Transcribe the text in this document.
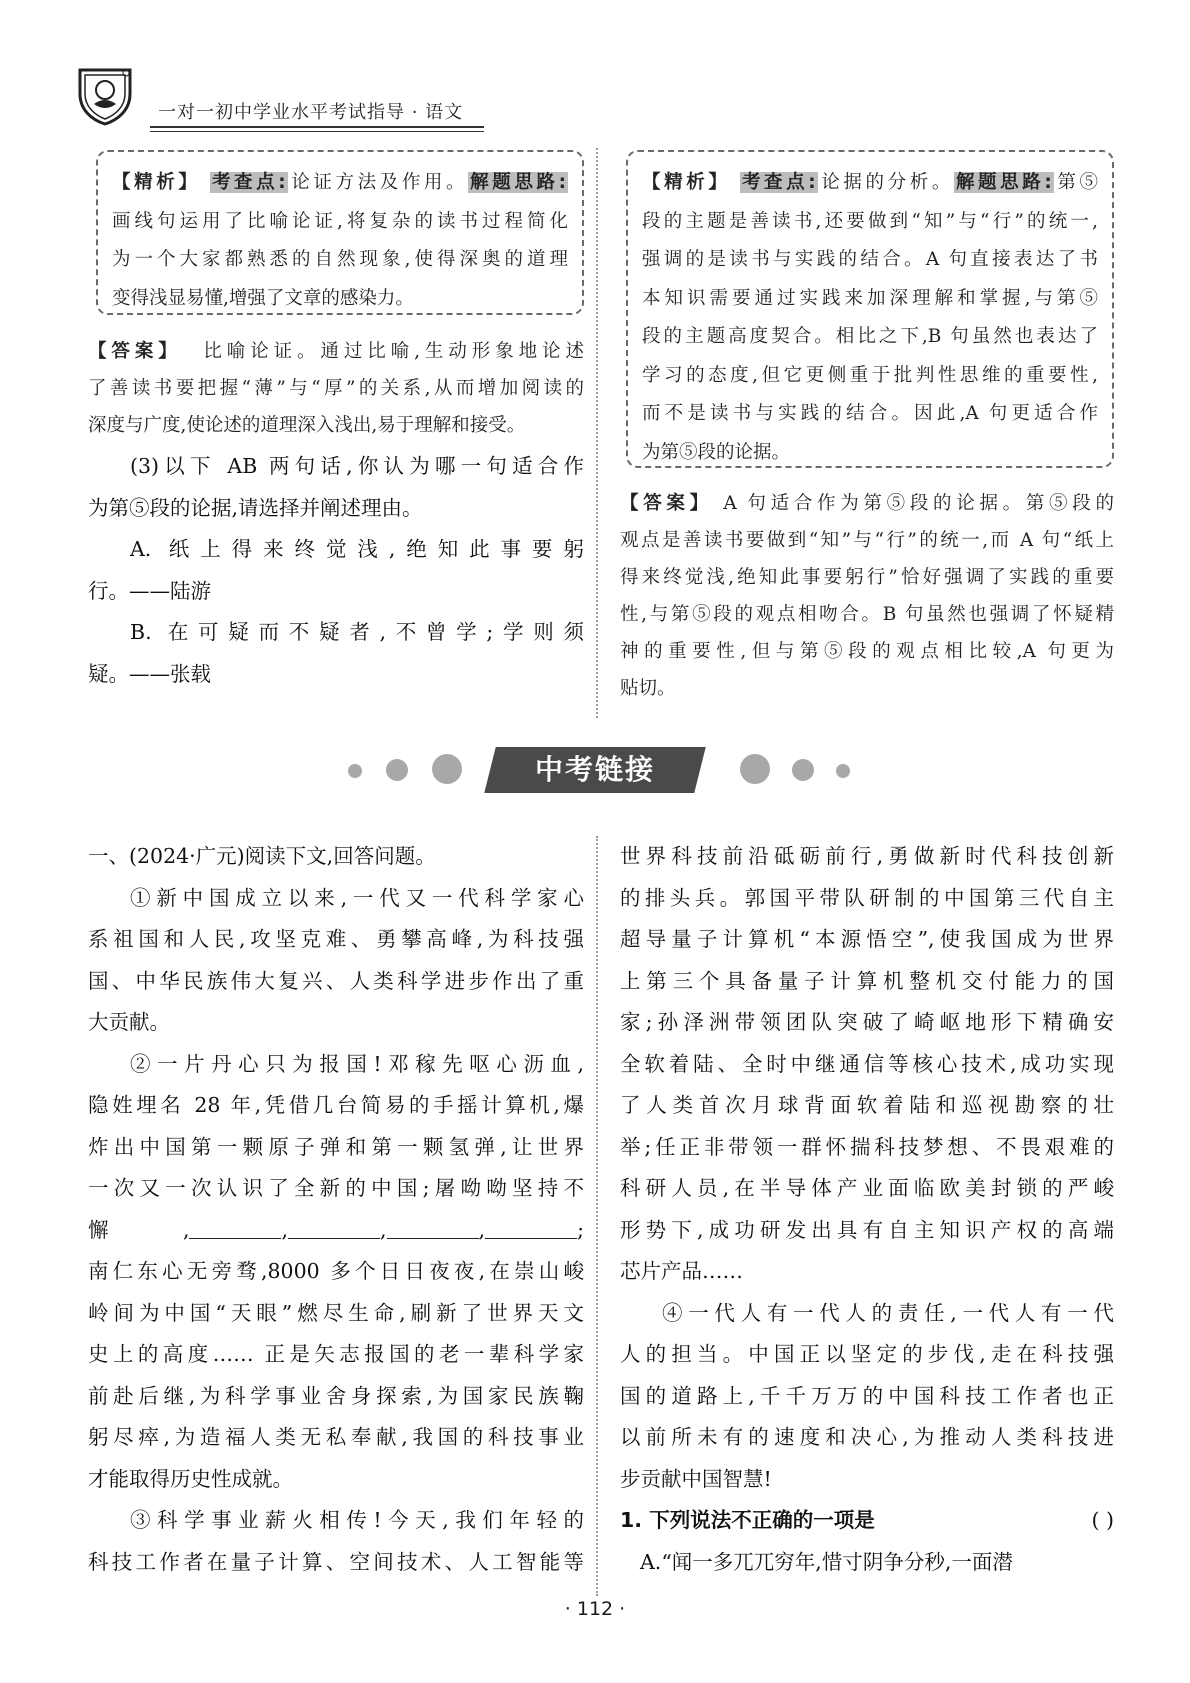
一对一初中学业水平考试指导 · 语文

【精析】 考查点: 论证方法及作用。 解题思路:

画线句运用了比喻论证,将复杂的读书过程简化

为一个大家都熟悉的自然现象,使得深奥的道理

变得浅显易懂,增强了文章的感染力。

【答案】 比喻论证。通过比喻,生动形象地论述

了善读书要把握“薄”与“厚”的关系,从而增加阅读的

深度与广度,使论述的道理深入浅出,易于理解和接受。

(3)以下 AB 两句话,你认为哪一句适合作

为第⑤段的论据,请选择并阐述理由。

A. 纸上得来终觉浅,绝知此事要躬

行。——陆游

B. 在可疑而不疑者,不曾学;学则须

疑。——张载

【精析】 考查点: 论据的分析。 解题思路: 第⑤

段的主题是善读书,还要做到“知”与“行”的统一,

强调的是读书与实践的结合。A 句直接表达了书

本知识需要通过实践来加深理解和掌握,与第⑤

段的主题高度契合。相比之下,B 句虽然也表达了

学习的态度,但它更侧重于批判性思维的重要性,

而不是读书与实践的结合。因此,A 句更适合作

为第⑤段的论据。

【答案】 A 句适合作为第⑤段的论据。第⑤段的

观点是善读书要做到“知”与“行”的统一,而 A 句“纸上

得来终觉浅,绝知此事要躬行”恰好强调了实践的重要

性,与第⑤段的观点相吻合。B 句虽然也强调了怀疑精

神的重要性,但与第⑤段的观点相比较,A 句更为

贴切。

中考链接

一、(2024·广元)阅读下文,回答问题。

①新中国成立以来,一代又一代科学家心

系祖国和人民,攻坚克难、勇攀高峰,为科技强

国、中华民族伟大复兴、人类科学进步作出了重

大贡献。

②一片丹心只为报国!邓稼先呕心沥血,

隐姓埋名 28 年,凭借几台简易的手摇计算机,爆

炸出中国第一颗原子弹和第一颗氢弹,让世界

一次又一次认识了全新的中国;屠呦呦坚持不

懈,	,	,	,	;

南仁东心无旁骛,8000 多个日日夜夜,在崇山峻

岭间为中国“天眼”燃尽生命,刷新了世界天文

史上的高度…… 正是矢志报国的老一辈科学家

前赴后继,为科学事业舍身探索,为国家民族鞠

躬尽瘁,为造福人类无私奉献,我国的科技事业

才能取得历史性成就。

③科学事业薪火相传!今天,我们年轻的

科技工作者在量子计算、空间技术、人工智能等

世界科技前沿砥砺前行,勇做新时代科技创新

的排头兵。郭国平带队研制的中国第三代自主

超导量子计算机“本源悟空”,使我国成为世界

上第三个具备量子计算机整机交付能力的国

家;孙泽洲带领团队突破了崎岖地形下精确安

全软着陆、全时中继通信等核心技术,成功实现

了人类首次月球背面软着陆和巡视勘察的壮

举;任正非带领一群怀揣科技梦想、不畏艰难的

科研人员,在半导体产业面临欧美封锁的严峻

形势下,成功研发出具有自主知识产权的高端

芯片产品……

④一代人有一代人的责任,一代人有一代

人的担当。中国正以坚定的步伐,走在科技强

国的道路上,千千万万的中国科技工作者也正

以前所未有的速度和决心,为推动人类科技进

步贡献中国智慧!

1. 下列说法不正确的一项是	( )

A.“闻一多兀兀穷年,惜寸阴争分秒,一面潜

· 112 ·
